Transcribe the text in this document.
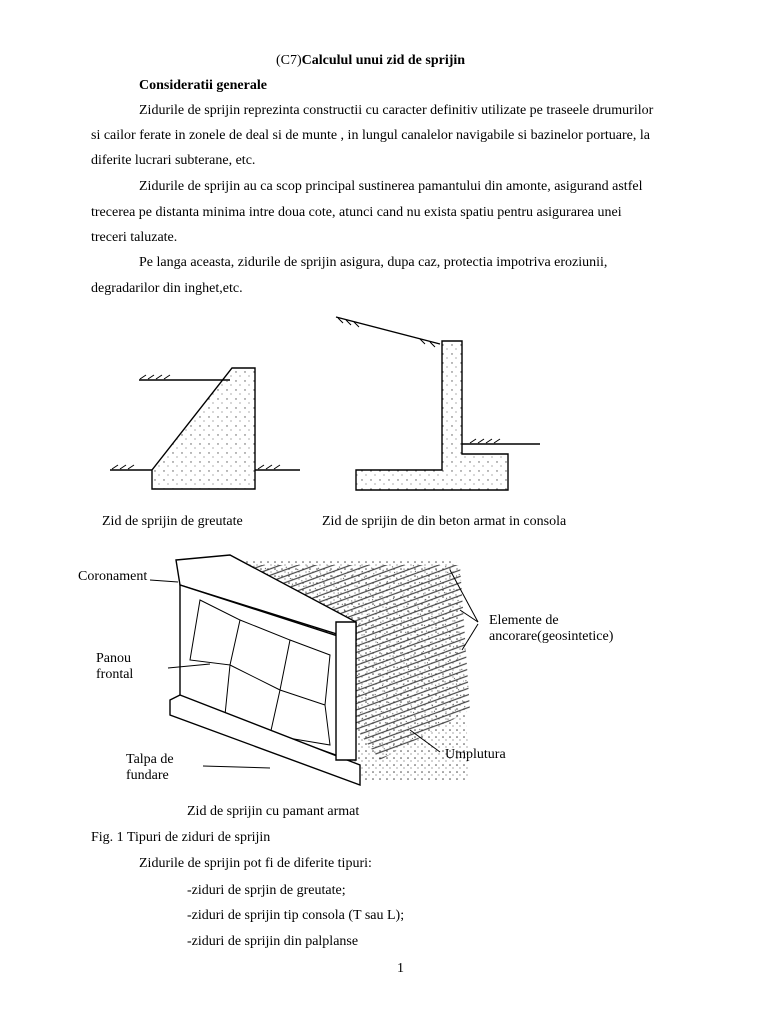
(C7)Calculul unui zid de sprijin
Consideratii generale
Zidurile de sprijin reprezinta constructii cu caracter definitiv utilizate pe traseele drumurilor
si cailor ferate in zonele de deal si de munte , in lungul canalelor navigabile si bazinelor portuare, la
diferite lucrari subterane, etc.
Zidurile de sprijin au ca scop principal sustinerea pamantului din amonte, asigurand astfel
trecerea pe distanta minima intre doua cote, atunci cand nu exista spatiu pentru asigurarea unei
treceri taluzate.
Pe langa aceasta, zidurile de sprijin asigura, dupa caz, protectia impotriva eroziunii,
degradarilor din inghet,etc.
Zid de sprijin de greutate	Zid de sprijin de din beton armat in consola
Coronament
Panou
frontal
Talpa de
fundare
Elemente de
ancorare(geosintetice)
Umplutura
Zid de sprijin cu pamant armat
Fig. 1 Tipuri de ziduri de sprijin
Zidurile de sprijin pot fi de diferite tipuri:
-ziduri de sprjin de greutate;
-ziduri de sprijin tip consola (T sau L);
-ziduri de sprijin din palplanse
1
